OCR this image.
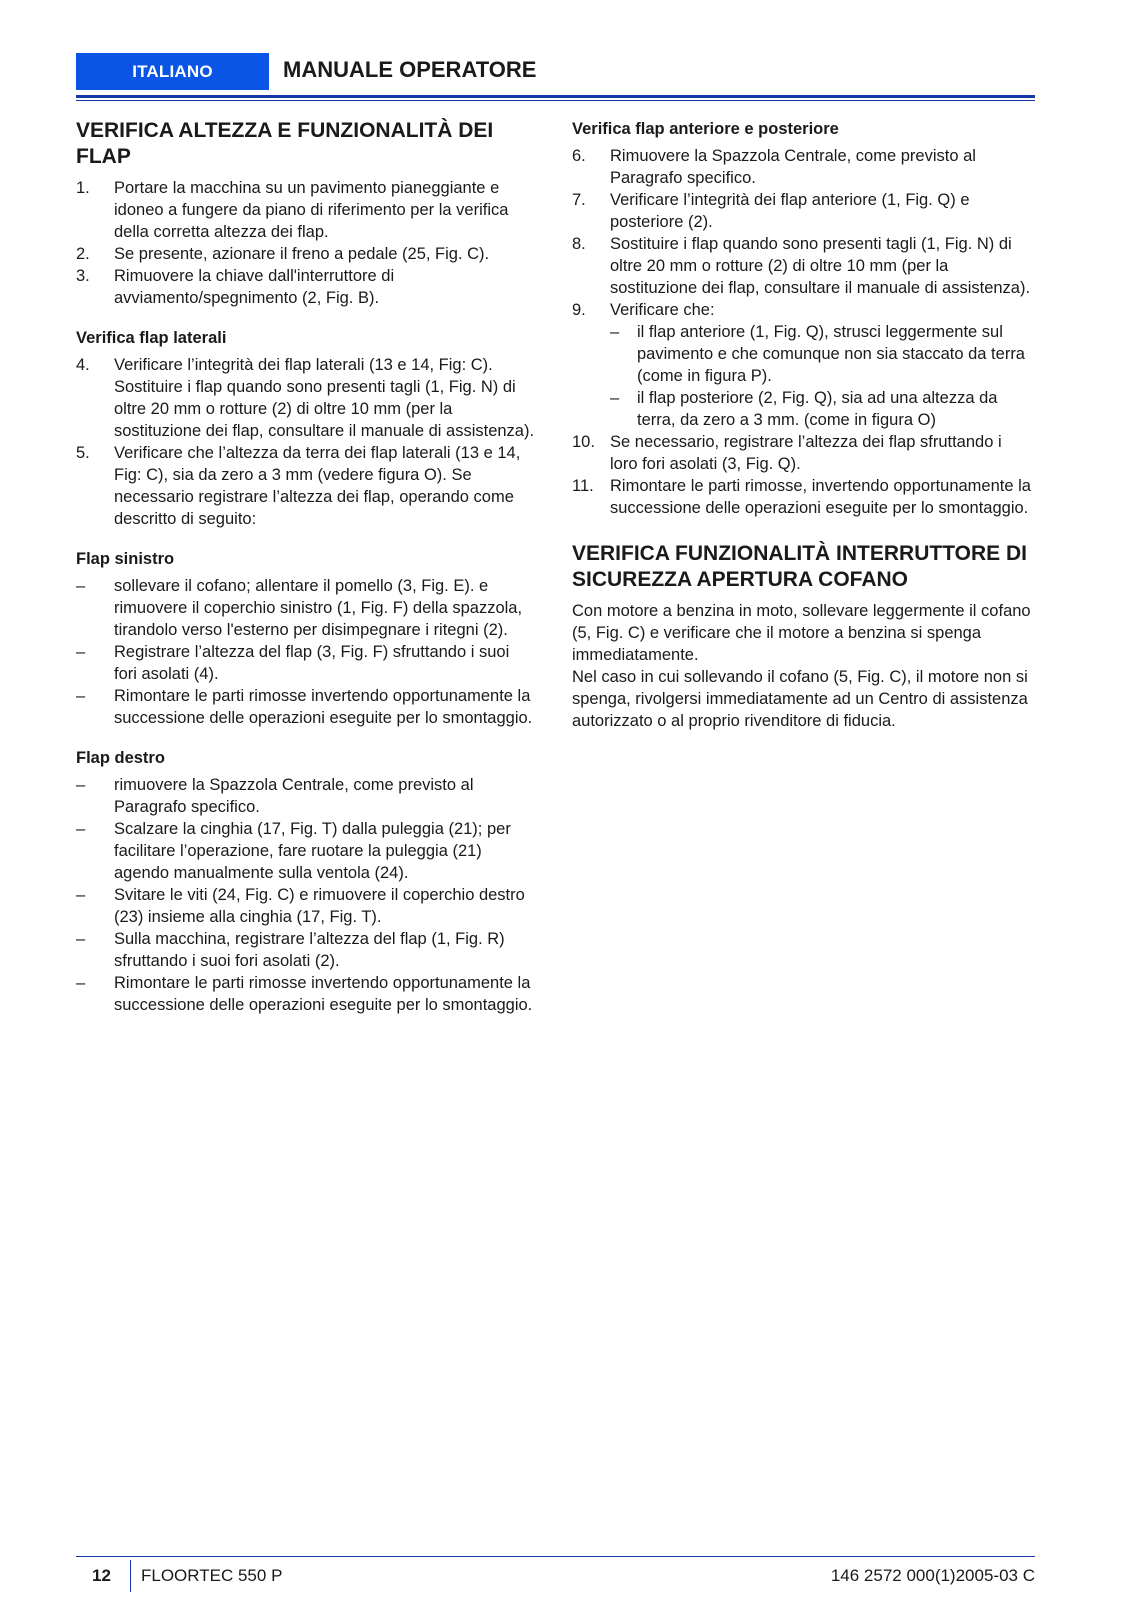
ITALIANO	MANUALE OPERATORE
VERIFICA ALTEZZA E FUNZIONALITÀ DEI FLAP
1. Portare la macchina su un pavimento pianeggiante e idoneo a fungere da piano di riferimento per la verifica della corretta altezza dei flap.
2. Se presente, azionare il freno a pedale (25, Fig. C).
3. Rimuovere la chiave dall'interruttore di avviamento/spegnimento (2, Fig. B).
Verifica flap laterali
4. Verificare l’integrità dei flap laterali (13 e 14, Fig: C). Sostituire i flap quando sono presenti tagli (1, Fig. N) di oltre 20 mm o rotture (2) di oltre 10 mm (per la sostituzione dei flap, consultare il manuale di assistenza).
5. Verificare che l’altezza da terra dei flap laterali (13 e 14, Fig: C), sia da zero a 3 mm (vedere figura O). Se necessario registrare l’altezza dei flap, operando come descritto di seguito:
Flap sinistro
– sollevare il cofano; allentare il pomello (3, Fig. E). e rimuovere il coperchio sinistro (1, Fig. F) della spazzola, tirandolo verso l'esterno per disimpegnare i ritegni (2).
– Registrare l’altezza del flap (3, Fig. F) sfruttando i suoi fori asolati (4).
– Rimontare le parti rimosse invertendo opportunamente la successione delle operazioni eseguite per lo smontaggio.
Flap destro
– rimuovere la Spazzola Centrale, come previsto al Paragrafo specifico.
– Scalzare la cinghia (17, Fig. T) dalla puleggia (21); per facilitare l’operazione, fare ruotare la puleggia (21) agendo manualmente sulla ventola (24).
– Svitare le viti (24, Fig. C) e rimuovere il coperchio destro (23) insieme alla cinghia (17, Fig. T).
– Sulla macchina, registrare l’altezza del flap (1, Fig. R) sfruttando i suoi fori asolati (2).
– Rimontare le parti rimosse invertendo opportunamente la successione delle operazioni eseguite per lo smontaggio.
Verifica flap anteriore e posteriore
6. Rimuovere la Spazzola Centrale, come previsto al Paragrafo specifico.
7. Verificare l’integrità dei flap anteriore (1, Fig. Q) e posteriore (2).
8. Sostituire i flap quando sono presenti tagli (1, Fig. N) di oltre 20 mm o rotture (2) di oltre 10 mm (per la sostituzione dei flap, consultare il manuale di assistenza).
9. Verificare che:
– il flap anteriore (1, Fig. Q), strusci leggermente sul pavimento e che comunque non sia staccato da terra (come in figura P).
– il flap posteriore (2, Fig. Q), sia ad una altezza da terra, da zero a 3 mm. (come in figura O)
10. Se necessario, registrare l’altezza dei flap sfruttando i loro fori asolati (3, Fig. Q).
11. Rimontare le parti rimosse, invertendo opportunamente la successione delle operazioni eseguite per lo smontaggio.
VERIFICA FUNZIONALITÀ INTERRUTTORE DI SICUREZZA APERTURA COFANO

Con motore a benzina in moto, sollevare leggermente il cofano (5, Fig. C) e verificare che il motore a benzina si spenga immediatamente.

Nel caso in cui sollevando il cofano (5, Fig. C), il motore non si spenga, rivolgersi immediatamente ad un Centro di assistenza autorizzato o al proprio rivenditore di fiducia.

12 FLOORTEC 550 P	146 2572 000(1)2005-03 C
